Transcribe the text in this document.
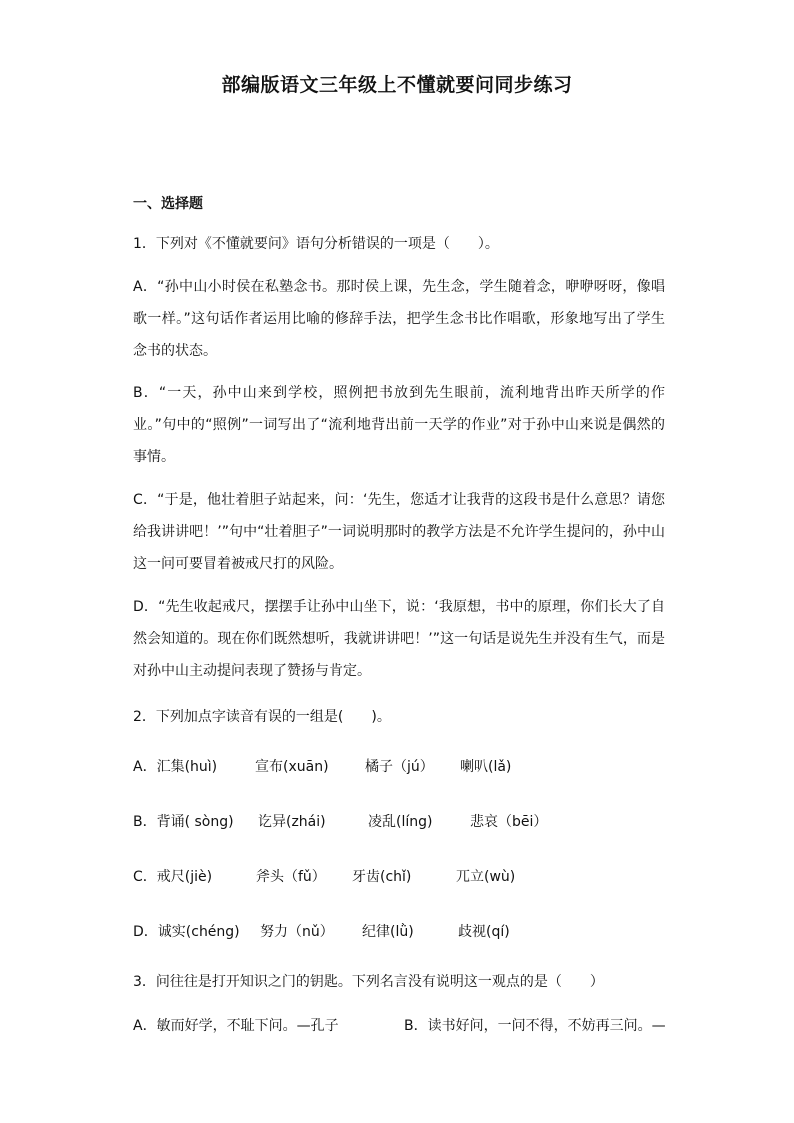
部编版语文三年级上不懂就要问同步练习
一、选择题
1．下列对《不懂就要问》语句分析错误的一项是（　　）。

A．“孙中山小时侯在私塾念书。那时侯上课，先生念，学生随着念，咿咿呀呀，像唱歌一样。”这句话作者运用比喻的修辞手法，把学生念书比作唱歌，形象地写出了学生念书的状态。

B．“一天，孙中山来到学校，照例把书放到先生眼前，流利地背出昨天所学的作业。”句中的“照例”一词写出了“流利地背出前一天学的作业”对于孙中山来说是偶然的事情。

C．“于是，他壮着胆子站起来，问：‘先生，您适才让我背的这段书是什么意思？请您给我讲讲吧！’”句中“壮着胆子”一词说明那时的教学方法是不允许学生提问的，孙中山这一问可要冒着被戒尺打的风险。

D．“先生收起戒尺，摆摆手让孙中山坐下，说：‘我原想，书中的原理，你们长大了自然会知道的。现在你们既然想听，我就讲讲吧！’”这一句话是说先生并没有生气，而是对孙中山主动提问表现了赞扬与肯定。

2．下列加点字读音有误的一组是(　　)。
A．汇集(huì)	宣布(xuān)	橘子（jú） 喇叭(lǎ)
B．背诵( sòng) 讫异(zhái)	凌乱(líng)	悲哀（bēi）
C．戒尺(jiè)	斧头（fǔ） 牙齿(chǐ)	兀立(wù)
D．诚实(chéng) 努力（nǔ） 纪律(lǜ)	歧视(qí)
3．问往往是打开知识之门的钥匙。下列名言没有说明这一观点的是（　　）
A．敏而好学，不耻下问。—孔子	B．读书好问，一问不得，不妨再三问。—
